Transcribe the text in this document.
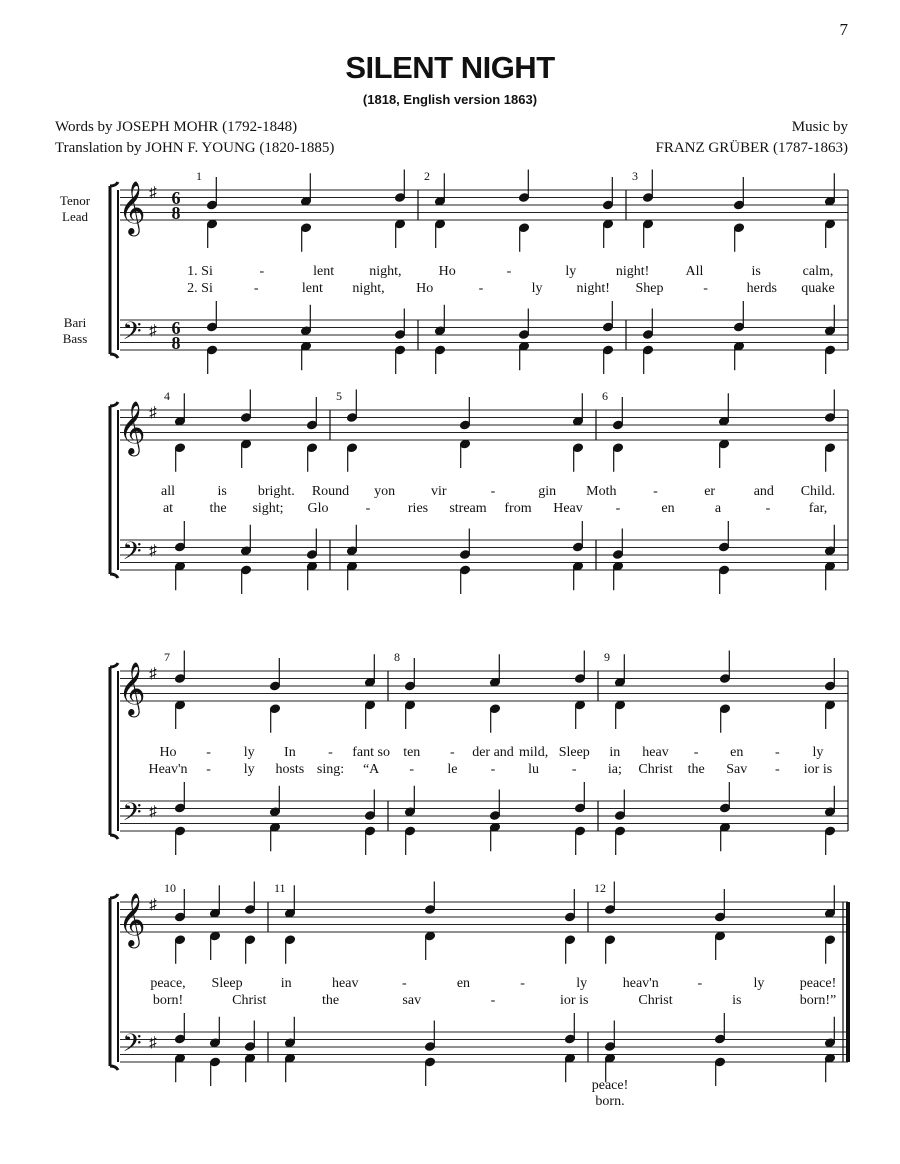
7
SILENT NIGHT
(1818, English version 1863)
Words by JOSEPH MOHR (1792-1848)
Translation by JOHN F. YOUNG (1820-1885)
Music by
FRANZ GRÜBER (1787-1863)
𝄞 ♯
𝄢 ♯
Tenor
Lead
Bari
Bass
6
6
8
8
1	2	3
1. Si	-	lent	night,	Ho	-	ly	night!	All	is	calm,
2. Si	-	lent night, Ho	-	ly night! Shep	-	herds quake
𝄞 ♯
𝄢 ♯
4	5	6
all	is bright. Round yon	vir	-	gin Moth	-	er	and Child.
at	the sight; Glo	-	ries stream from Heav -	en	a	-	far,
𝄞 ♯
𝄢 ♯
7	8	9
Ho - ly In - fant so ten - der and mild, Sleep in heav - en - ly
Heav'n - ly hosts sing: “A - le - lu - ia; Christ the Sav - ior is
𝄞 ♯
𝄢 ♯
10	11	12
peace, Sleep	in	heav	-	en	-	ly	heav'n	-	ly	peace!
born!	Christ	the	sav	-	ior is	Christ	is	born!”
peace!
born.
